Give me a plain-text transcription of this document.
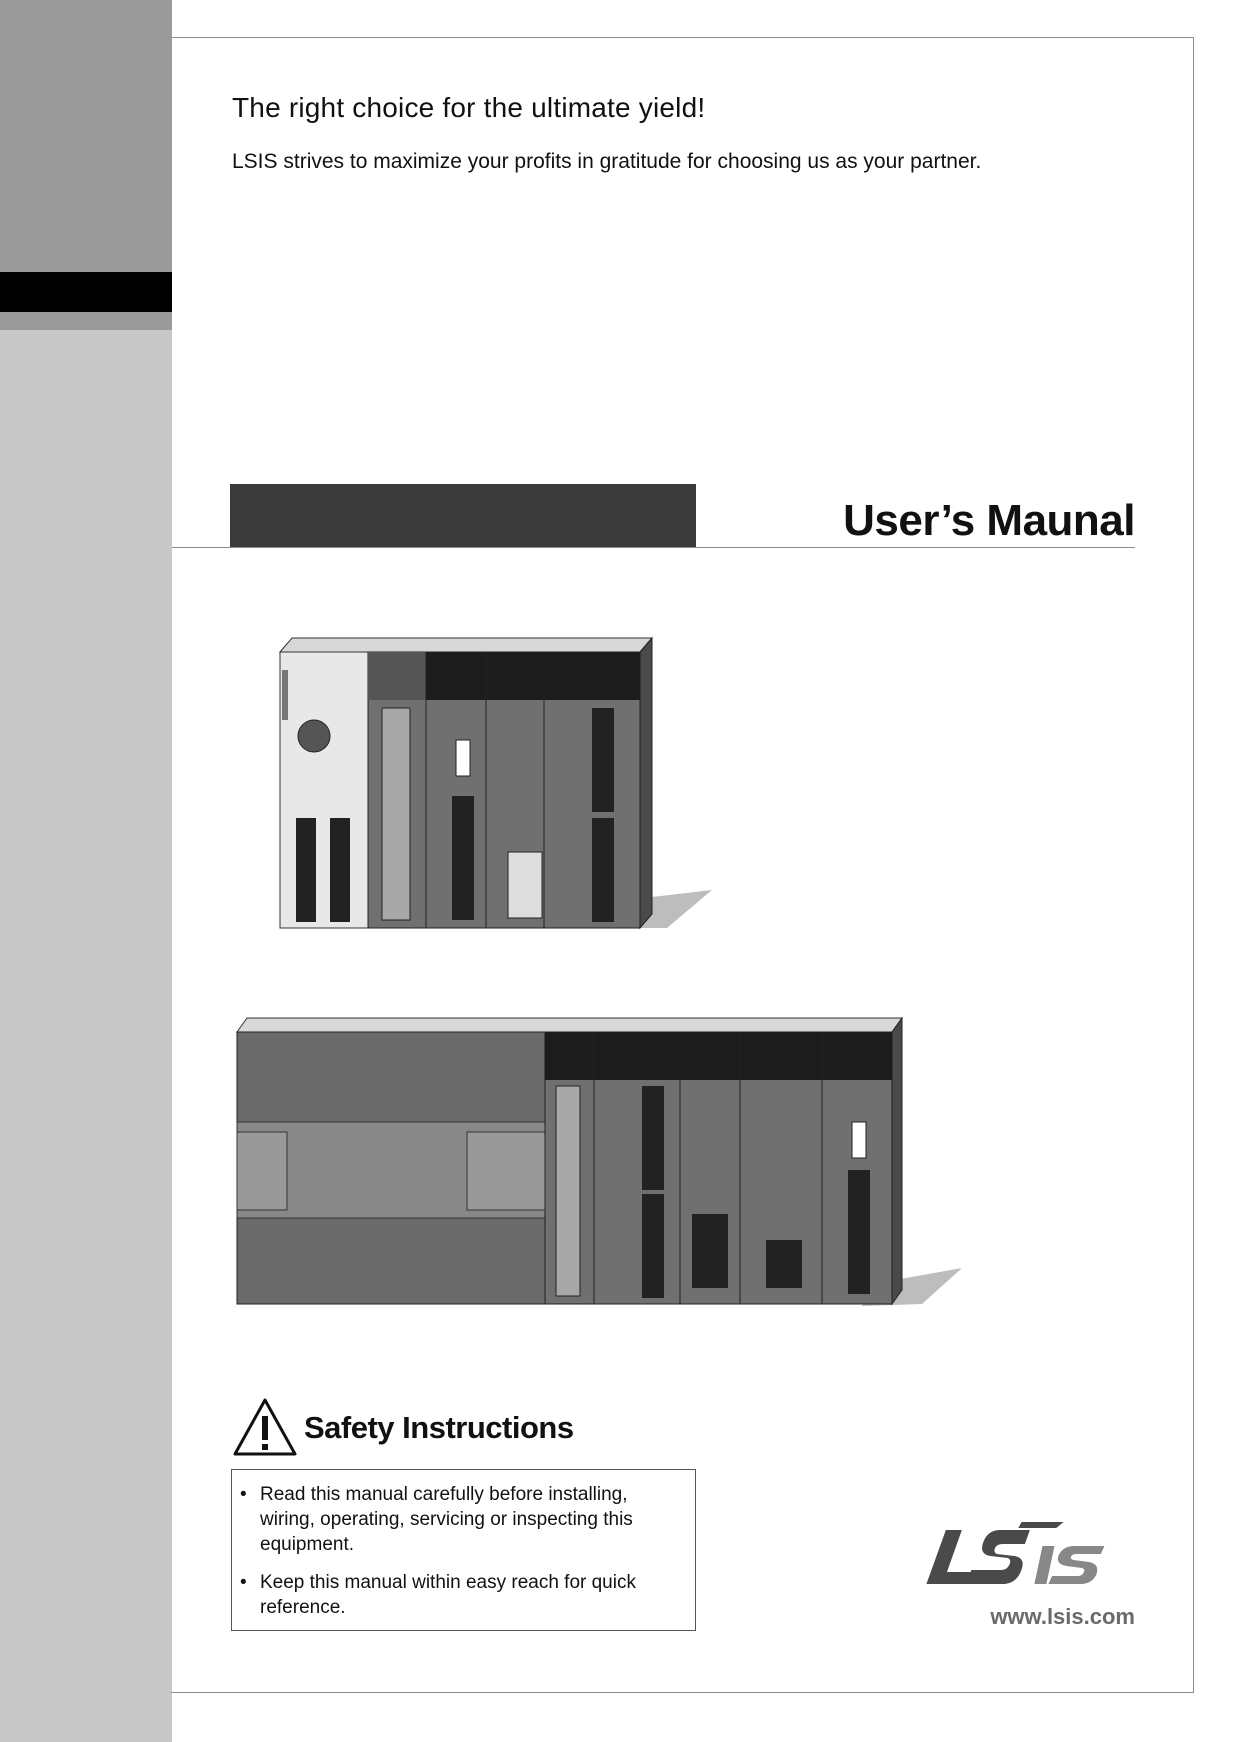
The right choice for the ultimate yield!
LSIS strives to maximize your profits in gratitude for choosing us as your partner.
User’s Maunal
Safety Instructions
• Read this manual carefully before installing, wiring, operating, servicing or inspecting this equipment.
• Keep this manual within easy reach for quick reference.	www.lsis.com
